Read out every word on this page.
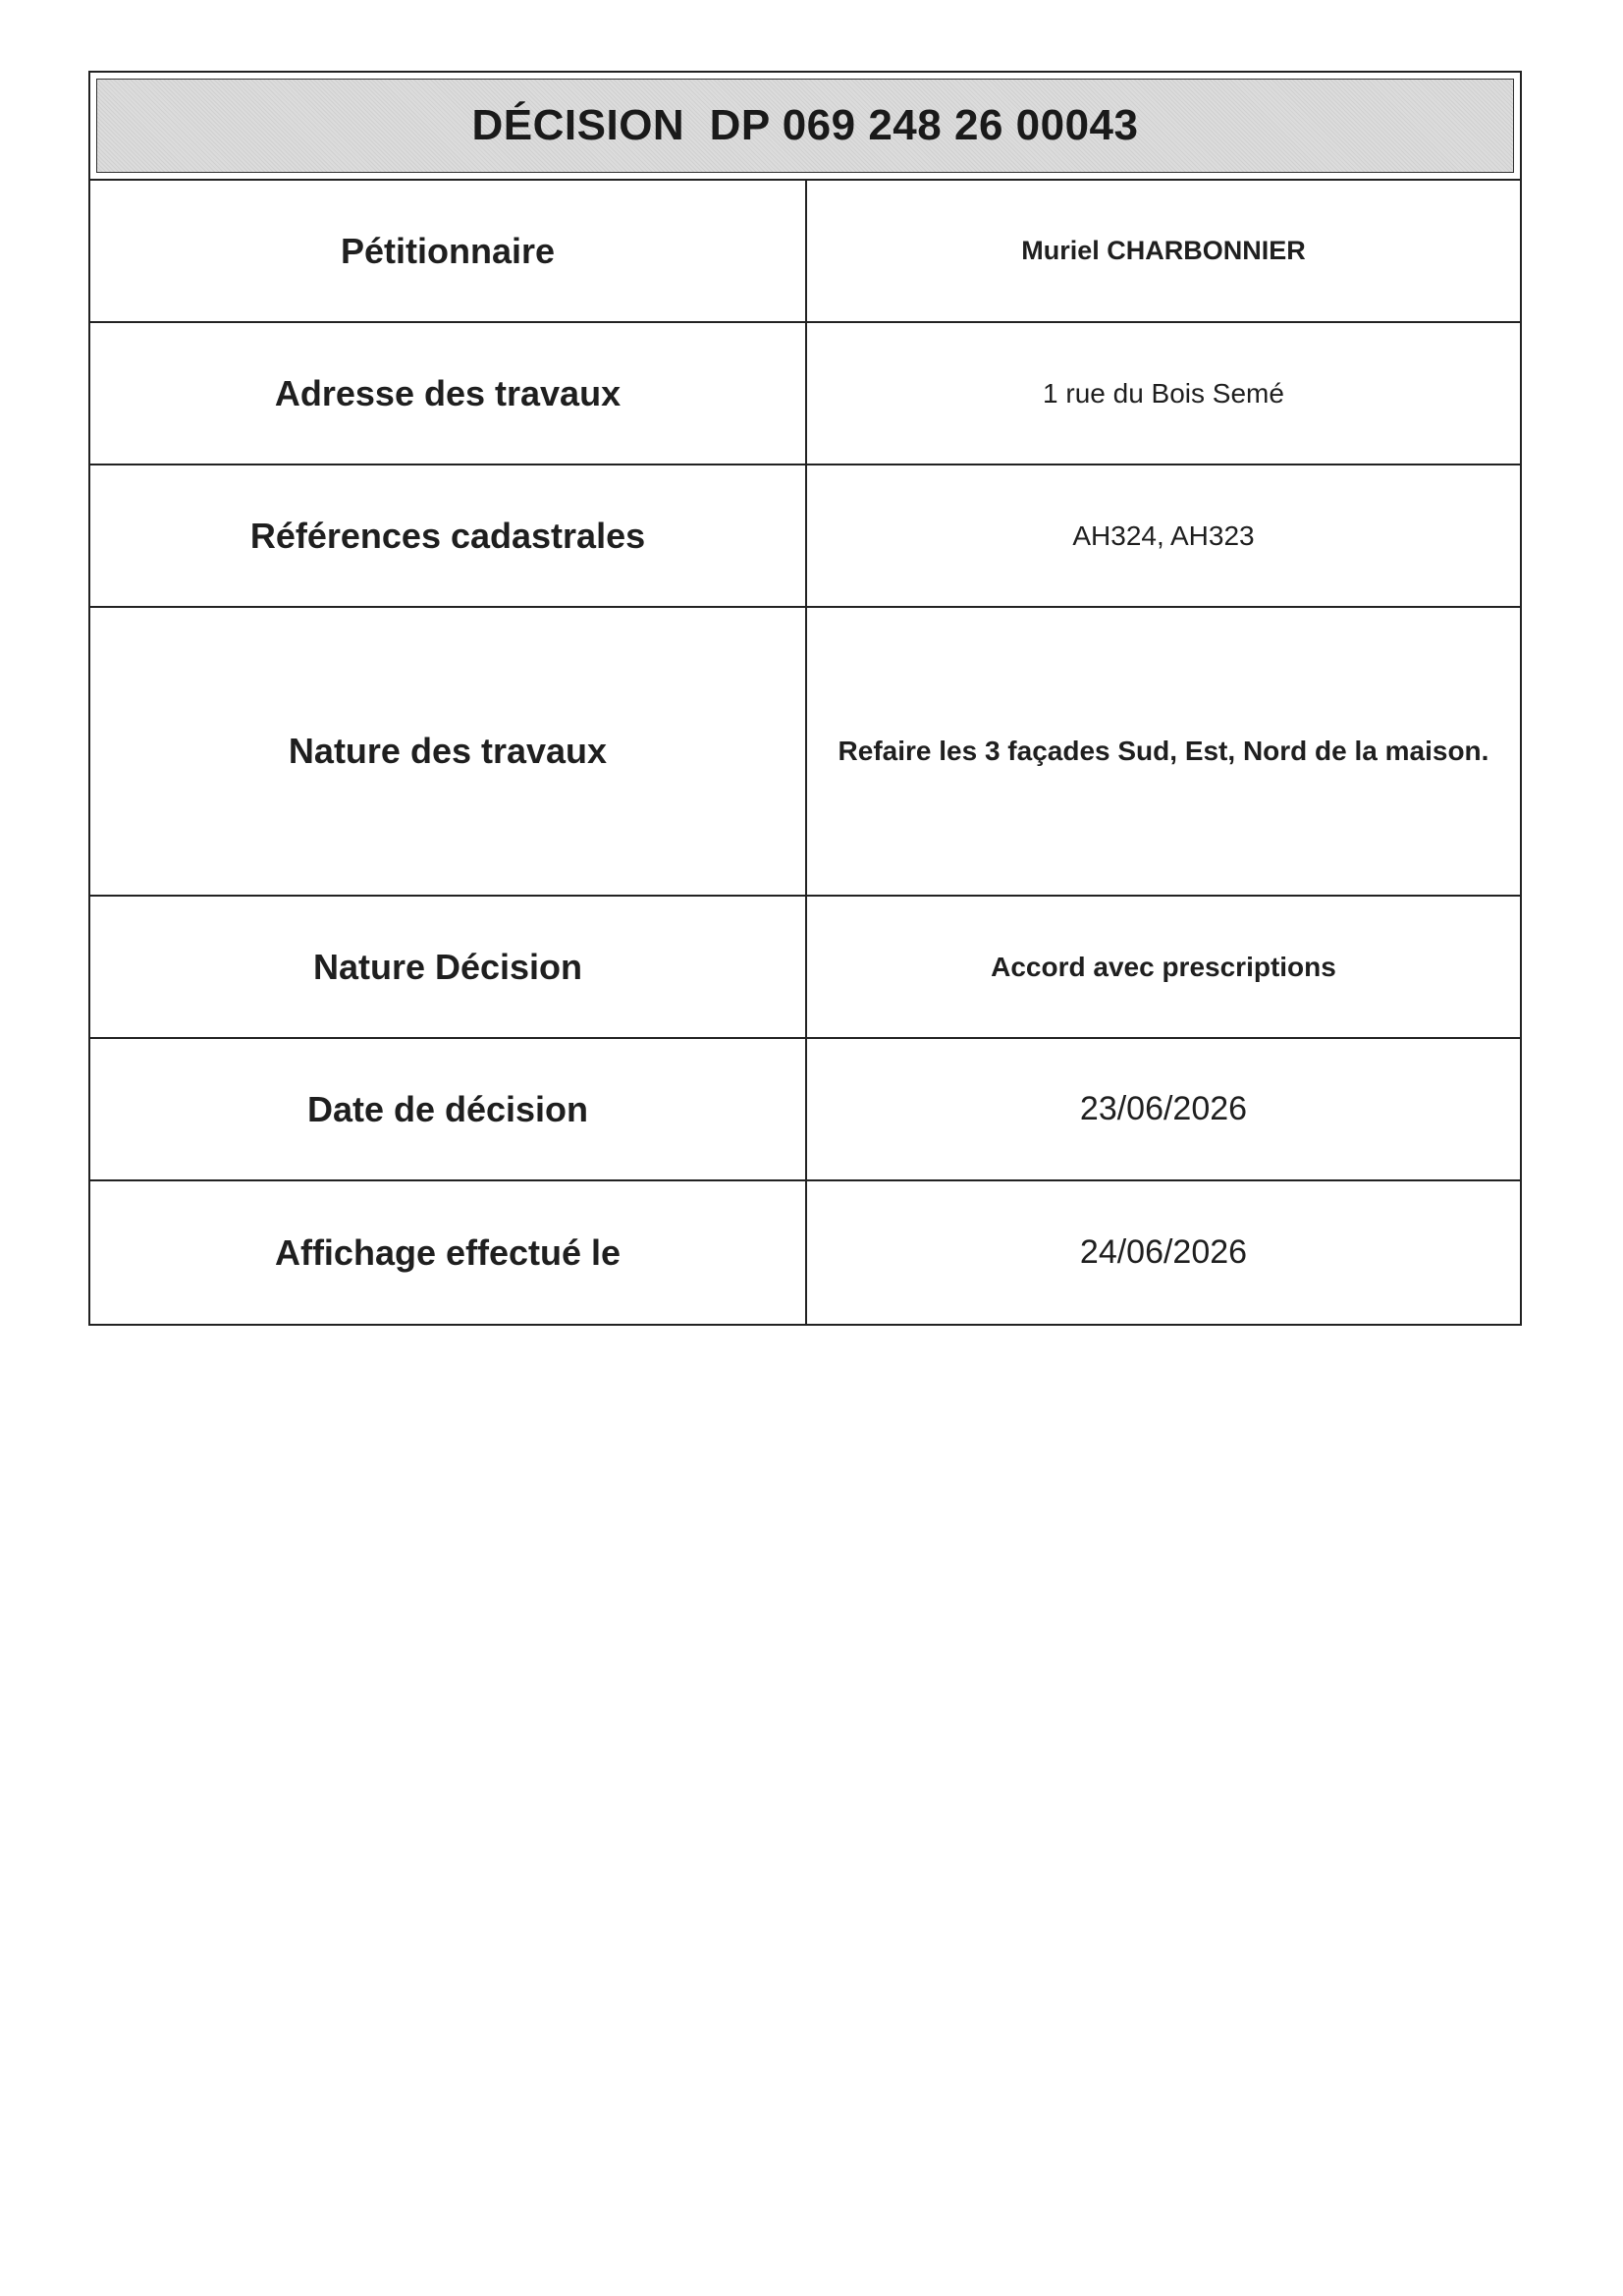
DÉCISION  DP 069 248 26 00043
Pétitionnaire	Muriel CHARBONNIER
Adresse des travaux	1 rue du Bois Semé
Références cadastrales	AH324, AH323
Nature des travaux	Refaire les 3 façades Sud, Est, Nord de la maison.
Nature Décision	Accord avec prescriptions
Date de décision	23/06/2026
Affichage effectué le	24/06/2026
